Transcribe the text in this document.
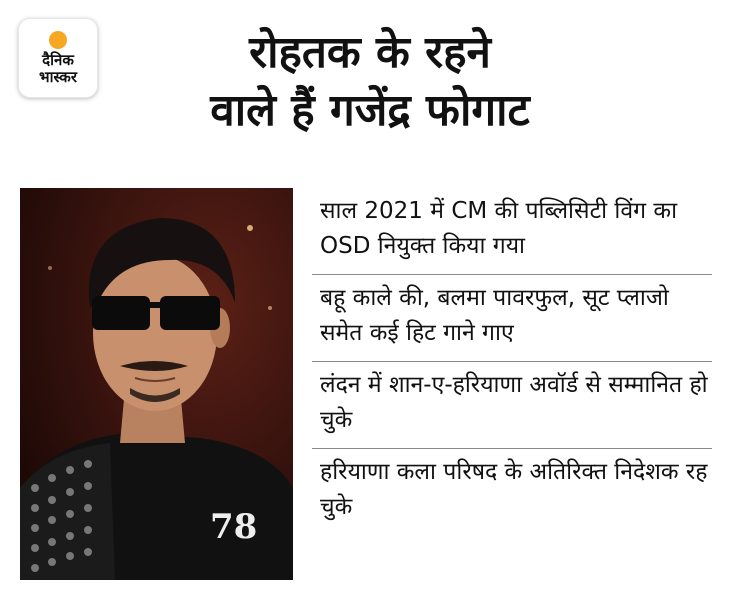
दैनिक
भास्कर	रोहतक के रहने
वाले हैं गजेंद्र फोगाट
78
साल 2021 में CM की पब्लिसिटी विंग का OSD नियुक्त किया गया
बहू काले की, बलमा पावरफुल, सूट प्लाजो समेत कई हिट गाने गाए
लंदन में शान-ए-हरियाणा अवॉर्ड से सम्मानित हो चुके
हरियाणा कला परिषद के अतिरिक्त निदेशक रह चुके
